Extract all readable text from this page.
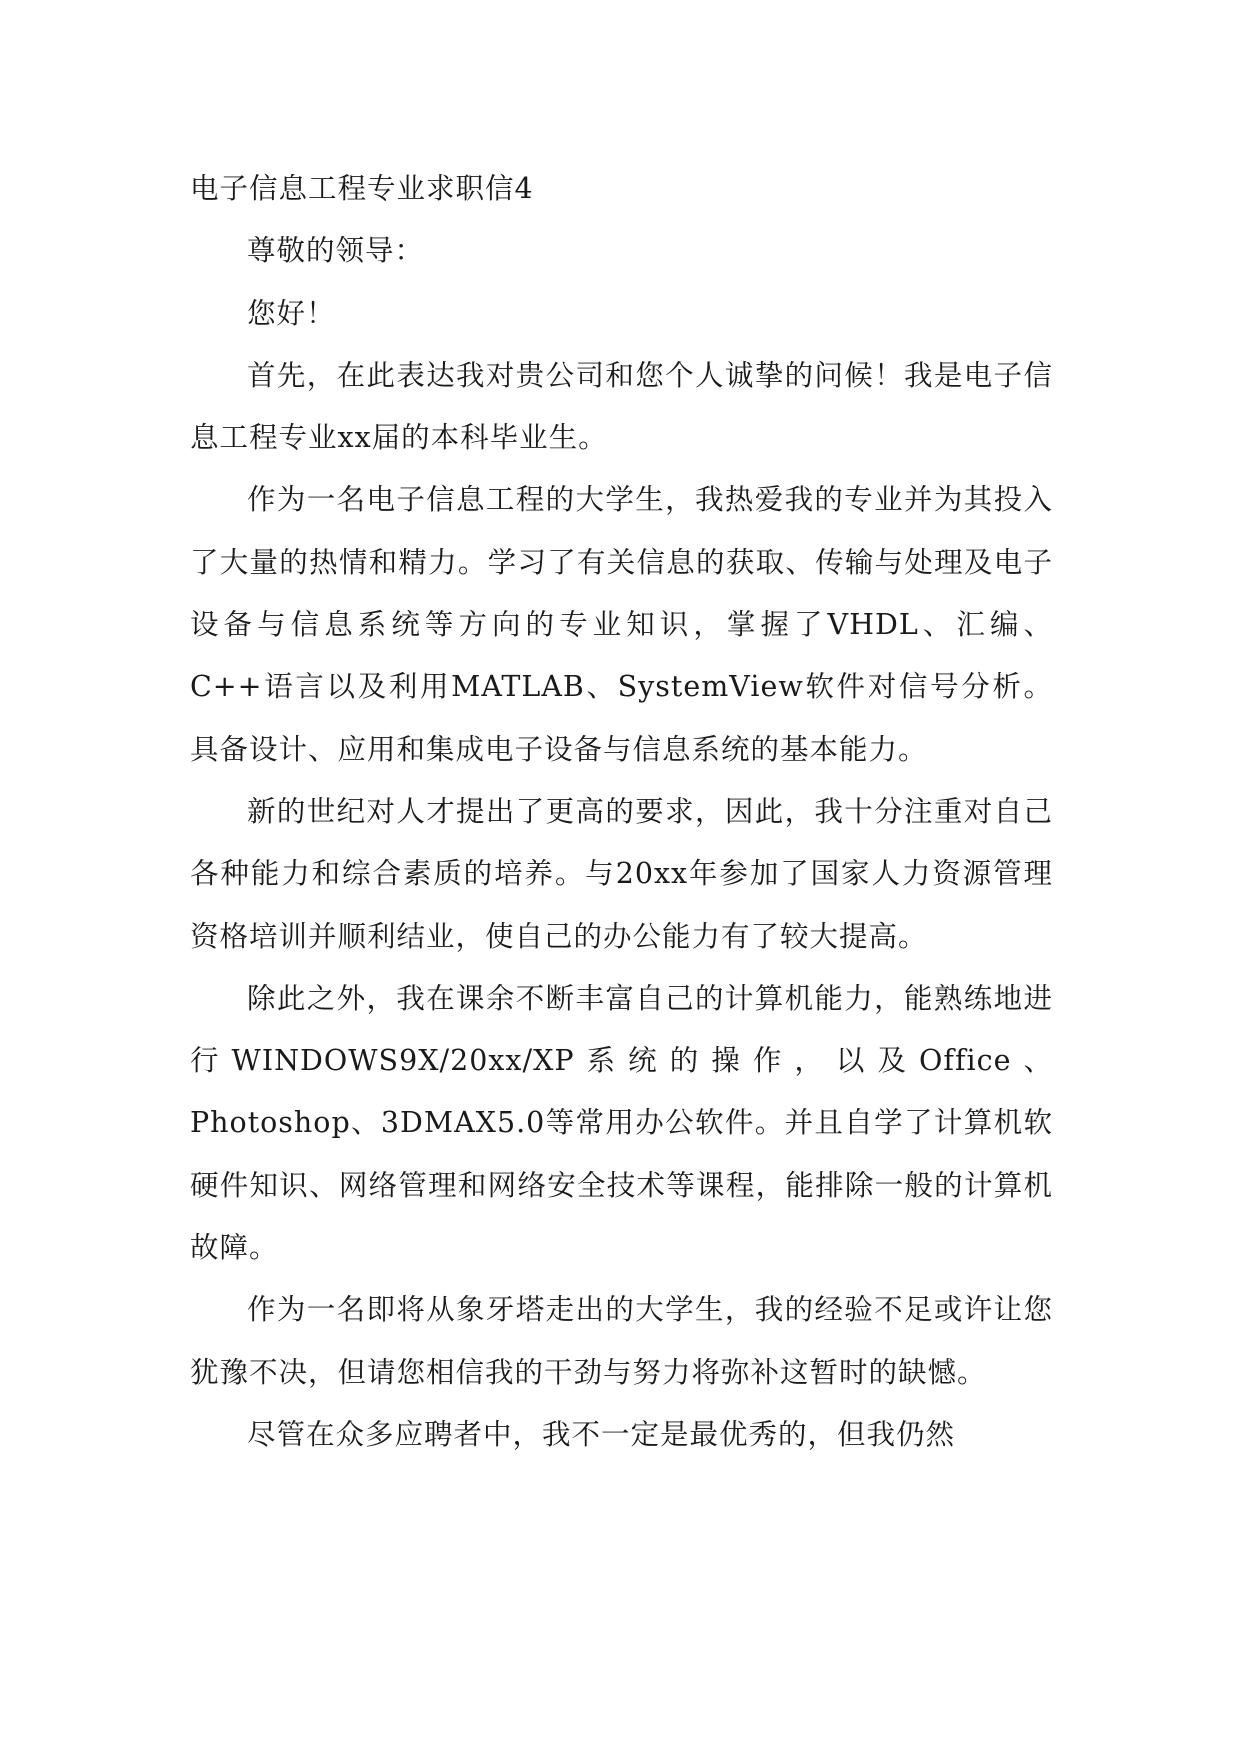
电子信息工程专业求职信4

尊敬的领导：

您好！

首先，在此表达我对贵公司和您个人诚挚的问候！我是电子信息工程专业xx届的本科毕业生。

作为一名电子信息工程的大学生，我热爱我的专业并为其投入了大量的热情和精力。学习了有关信息的获取、传输与处理及电子设备与信息系统等方向的专业知识，掌握了VHDL、汇编、C++语言以及利用MATLAB、SystemView软件对信号分析。具备设计、应用和集成电子设备与信息系统的基本能力。

新的世纪对人才提出了更高的要求，因此，我十分注重对自己各种能力和综合素质的培养。与20xx年参加了国家人力资源管理资格培训并顺利结业，使自己的办公能力有了较大提高。

除此之外，我在课余不断丰富自己的计算机能力，能熟练地进行WINDOWS9X/20xx/XP系统的操作，以及Office、Photoshop、3DMAX5.0等常用办公软件。并且自学了计算机软硬件知识、网络管理和网络安全技术等课程，能排除一般的计算机故障。

作为一名即将从象牙塔走出的大学生，我的经验不足或许让您犹豫不决，但请您相信我的干劲与努力将弥补这暂时的缺憾。

尽管在众多应聘者中，我不一定是最优秀的，但我仍然
